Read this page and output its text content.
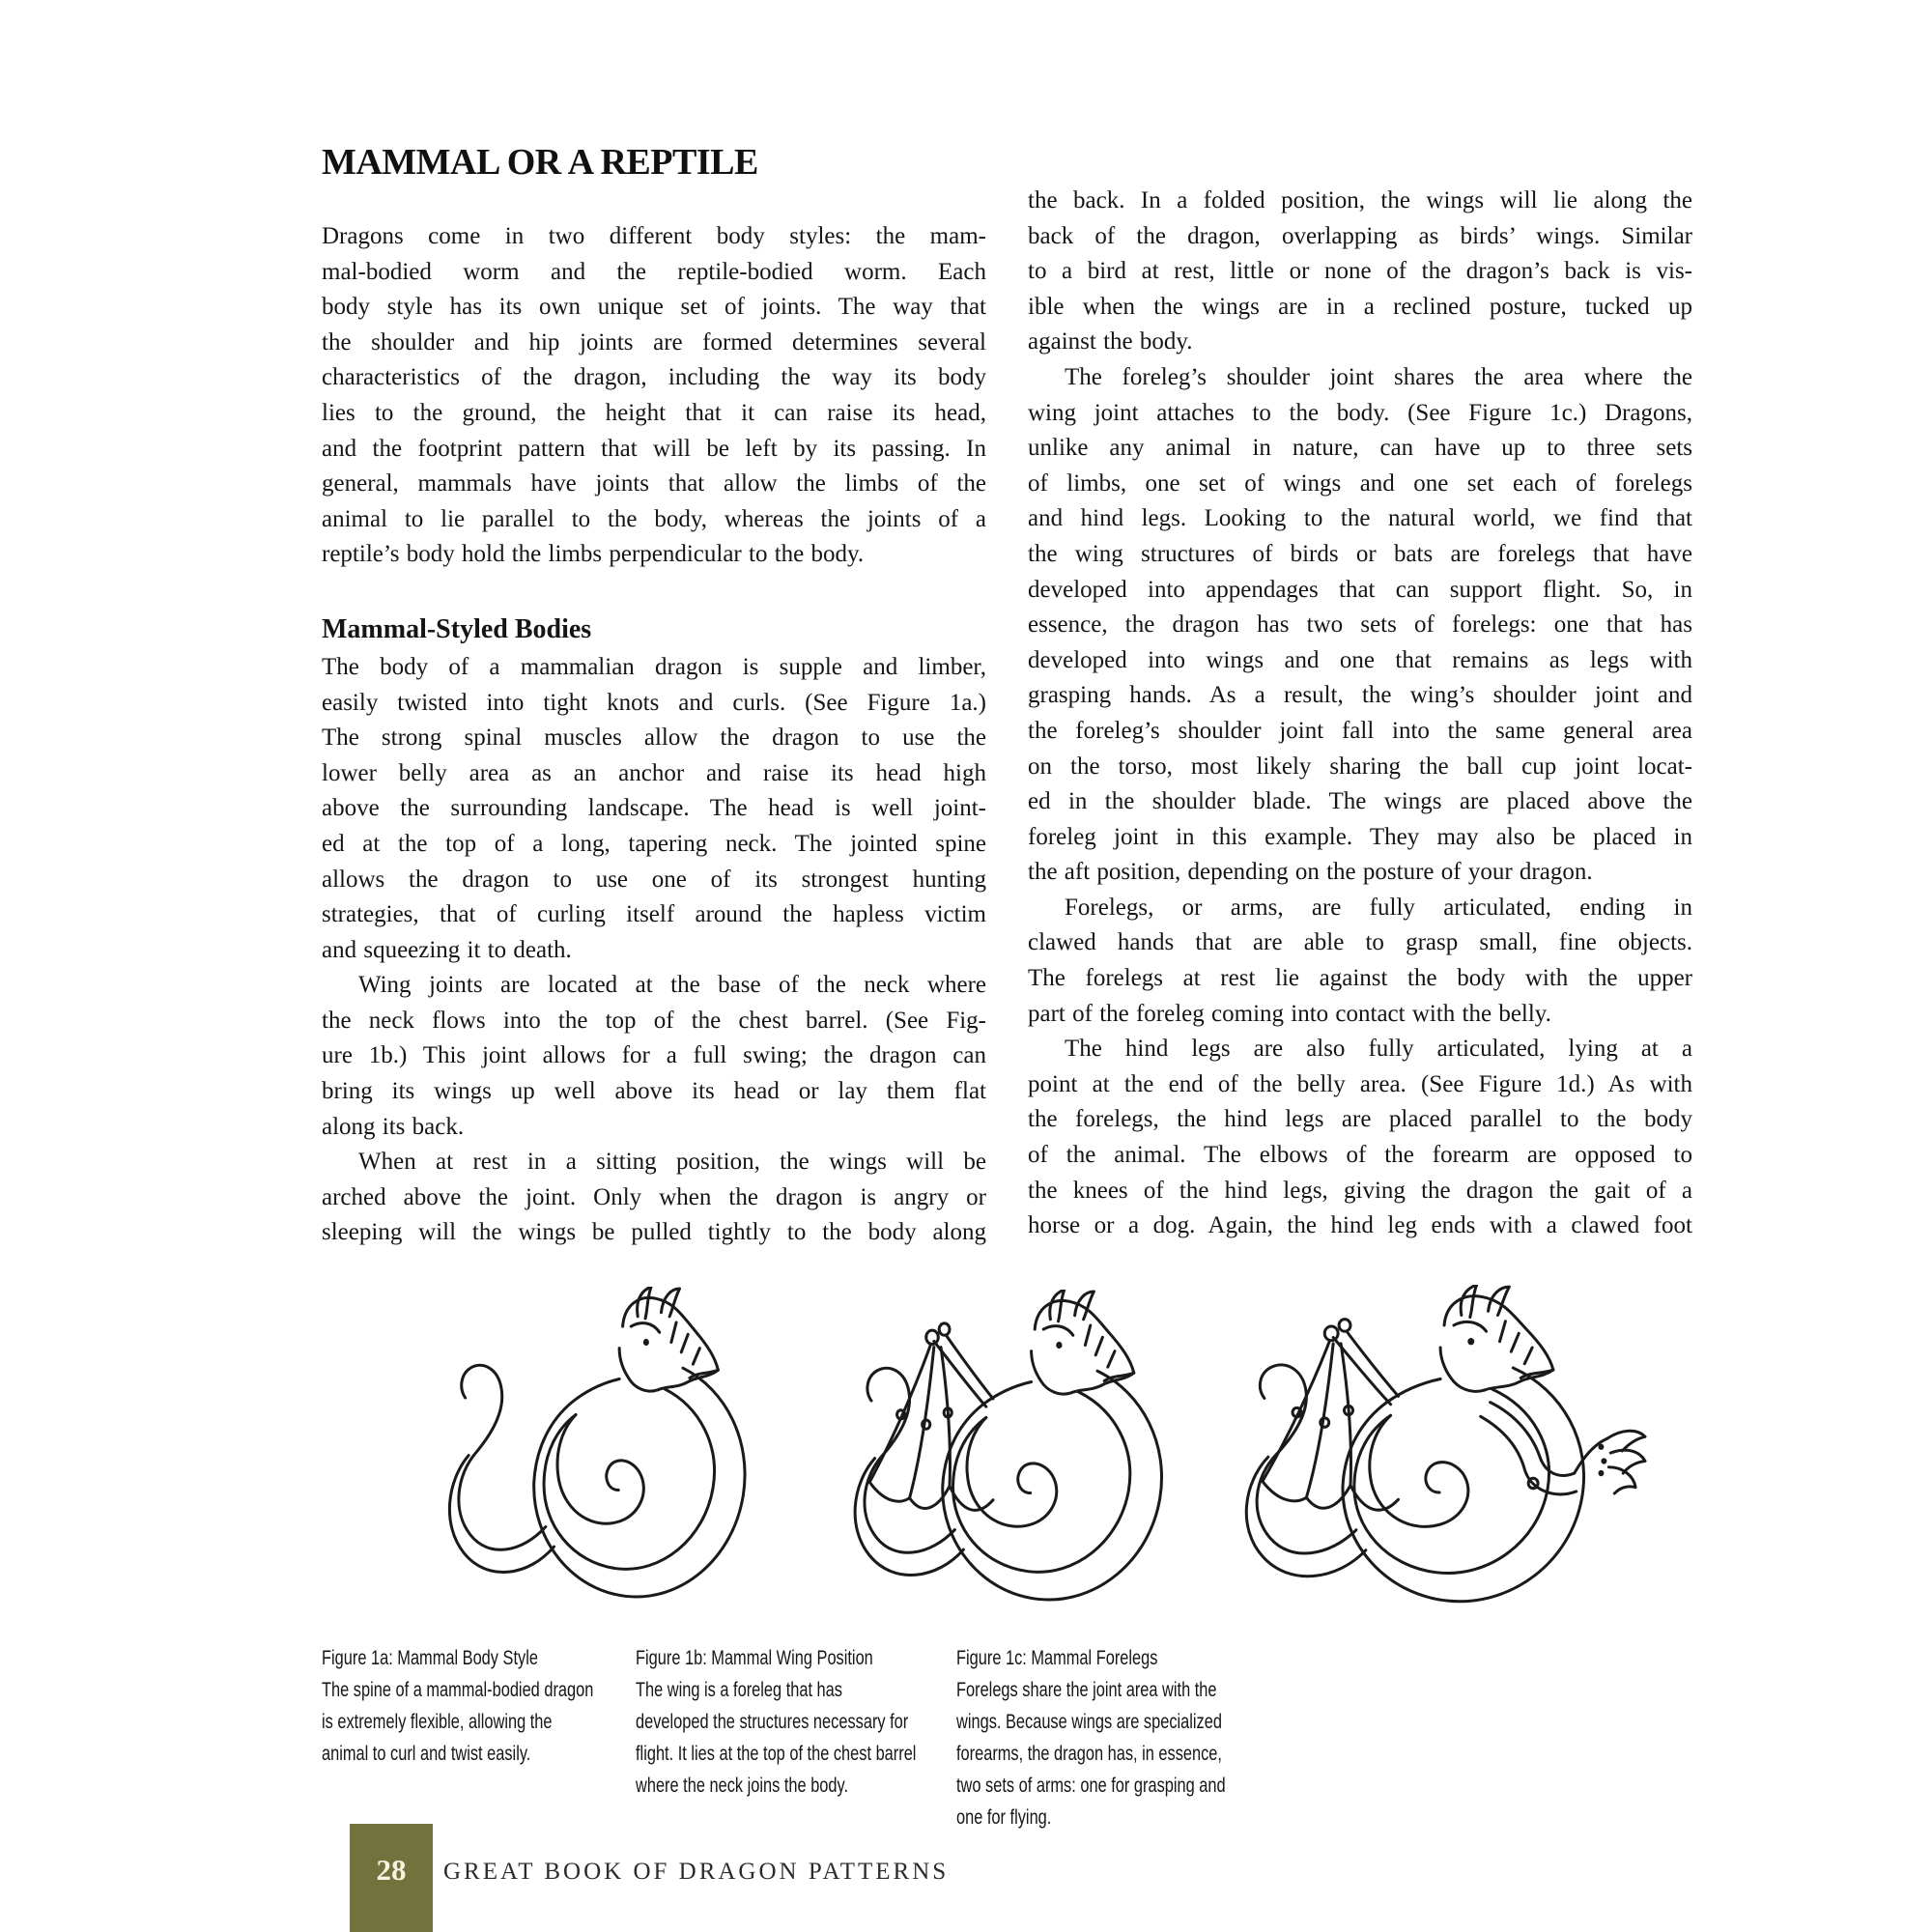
MAMMAL OR A REPTILE
Dragons come in two different body styles: the mam-
mal-bodied worm and the reptile-bodied worm. Each
body style has its own unique set of joints. The way that
the shoulder and hip joints are formed determines several
characteristics of the dragon, including the way its body
lies to the ground, the height that it can raise its head,
and the footprint pattern that will be left by its passing. In
general, mammals have joints that allow the limbs of the
animal to lie parallel to the body, whereas the joints of a
reptile’s body hold the limbs perpendicular to the body.
Mammal-Styled Bodies
The body of a mammalian dragon is supple and limber,
easily twisted into tight knots and curls. (See Figure 1a.)
The strong spinal muscles allow the dragon to use the
lower belly area as an anchor and raise its head high
above the surrounding landscape. The head is well joint-
ed at the top of a long, tapering neck. The jointed spine
allows the dragon to use one of its strongest hunting
strategies, that of curling itself around the hapless victim
and squeezing it to death.
Wing joints are located at the base of the neck where
the neck flows into the top of the chest barrel. (See Fig-
ure 1b.) This joint allows for a full swing; the dragon can
bring its wings up well above its head or lay them flat
along its back.
When at rest in a sitting position, the wings will be
arched above the joint. Only when the dragon is angry or
sleeping will the wings be pulled tightly to the body along
the back. In a folded position, the wings will lie along the
back of the dragon, overlapping as birds’ wings. Similar
to a bird at rest, little or none of the dragon’s back is vis-
ible when the wings are in a reclined posture, tucked up
against the body.
The foreleg’s shoulder joint shares the area where the
wing joint attaches to the body. (See Figure 1c.) Dragons,
unlike any animal in nature, can have up to three sets
of limbs, one set of wings and one set each of forelegs
and hind legs. Looking to the natural world, we find that
the wing structures of birds or bats are forelegs that have
developed into appendages that can support flight. So, in
essence, the dragon has two sets of forelegs: one that has
developed into wings and one that remains as legs with
grasping hands. As a result, the wing’s shoulder joint and
the foreleg’s shoulder joint fall into the same general area
on the torso, most likely sharing the ball cup joint locat-
ed in the shoulder blade. The wings are placed above the
foreleg joint in this example. They may also be placed in
the aft position, depending on the posture of your dragon.
Forelegs, or arms, are fully articulated, ending in
clawed hands that are able to grasp small, fine objects.
The forelegs at rest lie against the body with the upper
part of the foreleg coming into contact with the belly.
The hind legs are also fully articulated, lying at a
point at the end of the belly area. (See Figure 1d.) As with
the forelegs, the hind legs are placed parallel to the body
of the animal. The elbows of the forearm are opposed to
the knees of the hind legs, giving the dragon the gait of a
horse or a dog. Again, the hind leg ends with a clawed foot
Figure 1a: Mammal Body Style
The spine of a mammal-bodied dragon
is extremely flexible, allowing the
animal to curl and twist easily.
Figure 1b: Mammal Wing Position
The wing is a foreleg that has
developed the structures necessary for
flight. It lies at the top of the chest barrel
where the neck joins the body.
Figure 1c: Mammal Forelegs
Forelegs share the joint area with the
wings. Because wings are specialized
forearms, the dragon has, in essence,
two sets of arms: one for grasping and
one for flying.
28	GREAT BOOK OF DRAGON PATTERNS
